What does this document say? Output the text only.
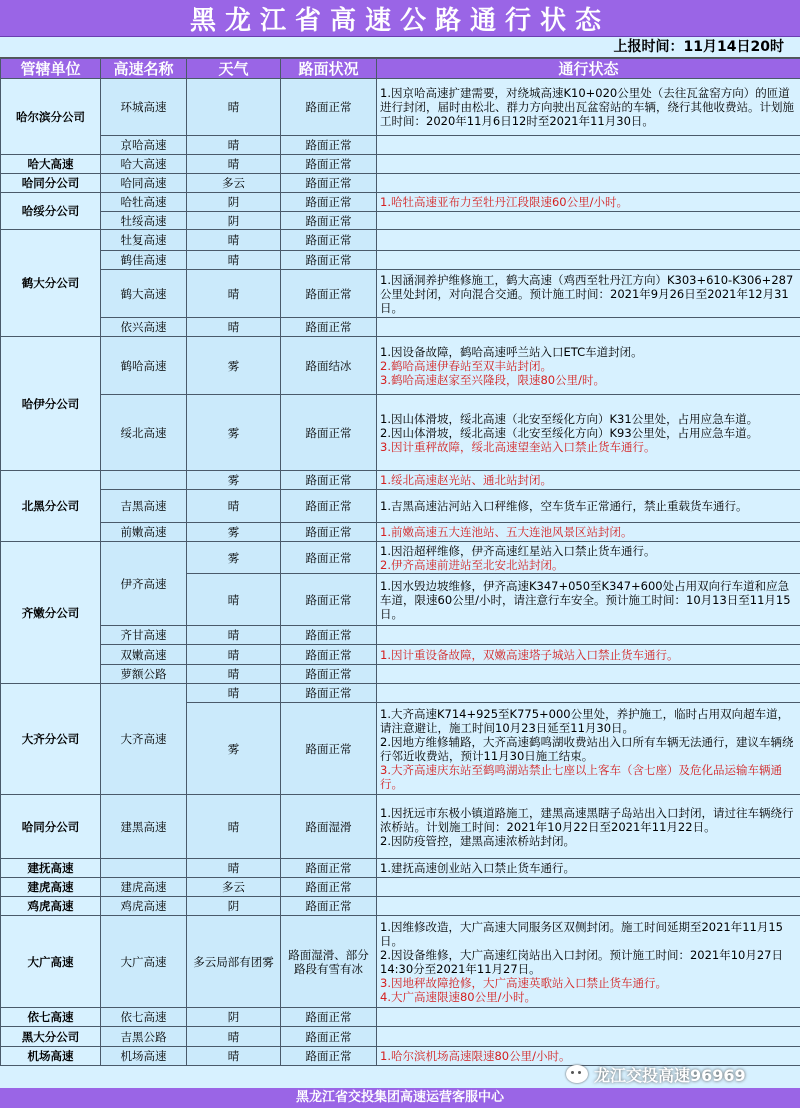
黑龙江省高速公路通行状态
上报时间：11月14日20时
管辖单位	高速名称	天气	路面状况	通行状态
哈尔滨分公司	环城高速	晴	路面正常	1.因京哈高速扩建需要，对绕城高速K10+020公里处（去往瓦盆窑方向）的匝道进行封闭，届时由松北、群力方向驶出瓦盆窑站的车辆，绕行其他收费站。计划施工时间：2020年11月6日12时至2021年11月30日。

	京哈高速	晴	路面正常	
哈大高速	哈大高速	晴	路面正常	
哈同分公司	哈同高速	多云	路面正常	
哈绥分公司	哈牡高速	阴	路面正常	1.哈牡高速亚布力至牡丹江段限速60公里/小时。

	牡绥高速	阴	路面正常	
鹤大分公司	牡复高速	晴	路面正常	
	鹤佳高速	晴	路面正常	
	鹤大高速	晴	路面正常	1.因涵洞养护维修施工，鹤大高速（鸡西至牡丹江方向）K303+610-K306+287公里处封闭，对向混合交通。预计施工时间：2021年9月26日至2021年12月31日。

	依兴高速	晴	路面正常	
哈伊分公司	鹤哈高速	雾	路面结冰	1.因设备故障，鹤哈高速呼兰站入口ETC车道封闭。
2.鹤哈高速伊春站至双丰站封闭。
3.鹤哈高速赵家至兴隆段，限速80公里/时。

	绥北高速	雾	路面正常	1.因山体滑坡，绥北高速（北安至绥化方向）K31公里处，占用应急车道。
2.因山体滑坡，绥北高速（北安至绥化方向）K93公里处，占用应急车道。
3.因计重秤故障，绥北高速望奎站入口禁止货车通行。

北黑分公司		雾	路面正常	1.绥北高速赵光站、通北站封闭。

	吉黑高速	晴	路面正常	1.吉黑高速沾河站入口秤维修，空车货车正常通行，禁止重载货车通行。

	前嫩高速	雾	路面正常	1.前嫩高速五大连池站、五大连池风景区站封闭。

齐嫩分公司	伊齐高速	雾	路面正常	1.因沿超秤维修，伊齐高速红星站入口禁止货车通行。
2.伊齐高速前进站至北安北站封闭。

		晴	路面正常	1.因水毁边坡维修，伊齐高速K347+050至K347+600处占用双向行车道和应急车道，限速60公里/小时，请注意行车安全。预计施工时间：10月13日至11月15日。

	齐甘高速	晴	路面正常	
	双嫩高速	晴	路面正常	1.因计重设备故障，双嫩高速塔子城站入口禁止货车通行。

	萝额公路	晴	路面正常	
大齐分公司	大齐高速	晴	路面正常	
		雾	路面正常	1.大齐高速K714+925至K775+000公里处，养护施工，临时占用双向超车道，请注意避让，施工时间10月23日延至11月30日。
2.因地方维修辅路，大齐高速鹤鸣湖收费站出入口所有车辆无法通行，建议车辆绕行邻近收费站，预计11月30日施工结束。
3.大齐高速庆东站至鹤鸣湖站禁止七座以上客车（含七座）及危化品运输车辆通行。

哈同分公司	建黑高速	晴	路面湿滑	1.因抚远市东极小镇道路施工，建黑高速黑瞎子岛站出入口封闭，请过往车辆绕行浓桥站。计划施工时间：2021年10月22日至2021年11月22日。
2.因防疫管控，建黑高速浓桥站封闭。

建抚高速		晴	路面正常	1.建抚高速创业站入口禁止货车通行。

建虎高速	建虎高速	多云	路面正常	
鸡虎高速	鸡虎高速	阴	路面正常	
大广高速	大广高速	多云局部有团雾	路面湿滑、部分路段有雪有冰	1.因维修改造，大广高速大同服务区双侧封闭。施工时间延期至2021年11月15日。
2.因设备维修，大广高速红岗站出入口封闭。预计施工时间：2021年10月27日14:30分至2021年11月27日。
3.因地秤故障抢修，大广高速英歌站入口禁止货车通行。
4.大广高速限速80公里/小时。

依七高速	依七高速	阴	路面正常	
黑大分公司	吉黑公路	晴	路面正常	
机场高速	机场高速	晴	路面正常	1.哈尔滨机场高速限速80公里/小时。
龙江交投高速96969
黑龙江省交投集团高速运营客服中心
